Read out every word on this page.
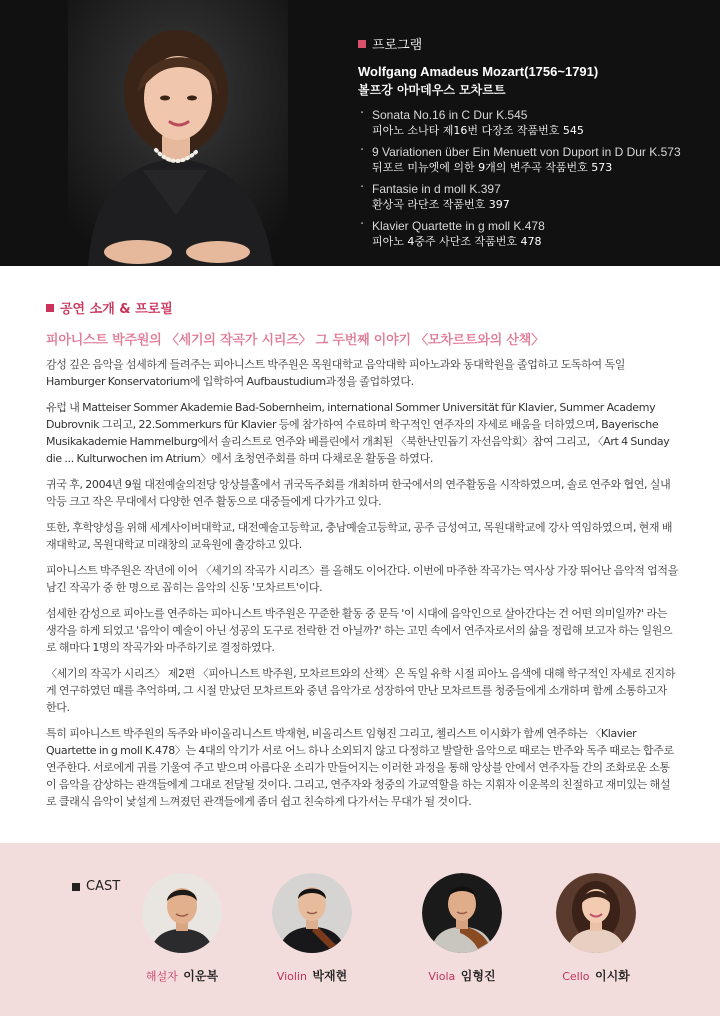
프로그램
Wolfgang Amadeus Mozart(1756~1791)
볼프강 아마데우스 모차르트
· Sonata No.16 in C Dur K.545
피아노 소나타 제16번 다장조 작품번호 545
· 9 Variationen über Ein Menuett von Duport in D Dur K.573
뒤포르 미뉴엣에 의한 9개의 변주곡 작품번호 573
· Fantasie in d moll K.397
환상곡 라단조 작품번호 397
· Klavier Quartette in g moll K.478
피아노 4중주 사단조 작품번호 478
공연 소개 & 프로필
피아니스트 박주원의 〈세기의 작곡가 시리즈〉 그 두번째 이야기 〈모차르트와의 산책〉

감성 깊은 음악을 섬세하게 들려주는 피아니스트 박주원은 목원대학교 음악대학 피아노과와 동대학원을 졸업하고 도독하여 독일 Hamburger Konservatorium에 입학하여 Aufbaustudium과정을 졸업하였다.

유럽 내 Matteiser Sommer Akademie Bad-Sobernheim, international Sommer Universität für Klavier, Summer Academy Dubrovnik 그리고, 22.Sommerkurs für Klavier 등에 참가하여 수료하며 학구적인 연주자의 자세로 배움을 더하였으며, Bayerische Musikakademie Hammelburg에서 솔리스트로 연주와 베를린에서 개최된 〈북한난민돕기 자선음악회〉참여 그리고, 〈Art 4 Sunday die ... Kulturwochen im Atrium〉에서 초청연주회를 하며 다채로운 활동을 하였다.

귀국 후, 2004년 9월 대전예술의전당 앙상블홀에서 귀국독주회를 개최하며 한국에서의 연주활동을 시작하였으며, 솔로 연주와 협연, 실내악등 크고 작은 무대에서 다양한 연주 활동으로 대중들에게 다가가고 있다.

또한, 후학양성을 위해 세계사이버대학교, 대전예술고등학교, 충남예술고등학교, 공주 금성여고, 목원대학교에 강사 역임하였으며, 현재 배재대학교, 목원대학교 미래창의 교육원에 출강하고 있다.

피아니스트 박주원은 작년에 이어 〈세기의 작곡가 시리즈〉를 올해도 이어간다. 이번에 마주한 작곡가는 역사상 가장 뛰어난 음악적 업적을 남긴 작곡가 중 한 명으로 꼽히는 음악의 신동 '모차르트'이다.

섬세한 감성으로 피아노를 연주하는 피아니스트 박주원은 꾸준한 활동 중 문득 '이 시대에 음악인으로 살아간다는 건 어떤 의미일까?' 라는 생각을 하게 되었고 '음악이 예술이 아닌 성공의 도구로 전락한 건 아닐까?' 하는 고민 속에서 연주자로서의 삶을 정립해 보고자 하는 일원으로 해마다 1명의 작곡가와 마주하기로 결정하였다.

〈세기의 작곡가 시리즈〉 제2편 〈피아니스트 박주원, 모차르트와의 산책〉은 독일 유학 시절 피아노 음색에 대해 학구적인 자세로 진지하게 연구하였던 때를 추억하며, 그 시절 만났던 모차르트와 중년 음악가로 성장하여 만난 모차르트를 청중들에게 소개하며 함께 소통하고자 한다.

특히 피아니스트 박주원의 독주와 바이올리니스트 박재현, 비올리스트 임형진 그리고, 첼리스트 이시화가 함께 연주하는 〈Klavier Quartette in g moll K.478〉는 4대의 악기가 서로 어느 하나 소외되지 않고 다정하고 발랄한 음악으로 때로는 반주와 독주 때로는 합주로 연주한다. 서로에게 귀를 기울여 주고 받으며 아름다운 소리가 만들어지는 이러한 과정을 통해 앙상블 안에서 연주자들 간의 조화로운 소통이 음악을 감상하는 관객들에게 그대로 전달될 것이다. 그리고, 연주자와 청중의 가교역할을 하는 지휘자 이운복의 친절하고 재미있는 해설로 클래식 음악이 낯설게 느껴졌던 관객들에게 좀더 쉽고 친숙하게 다가서는 무대가 될 것이다.

CAST
해설자 이운복	Violin 박재현	Viola 임형진	Cello 이시화
